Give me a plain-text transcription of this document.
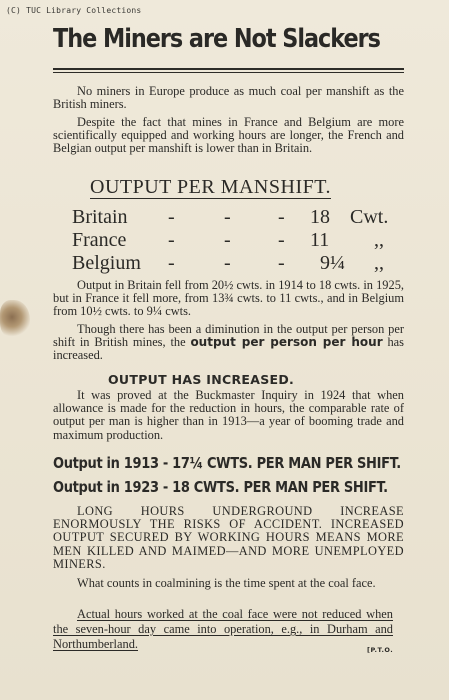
(C) TUC Library Collections
The Miners are Not Slackers
No miners in Europe produce as much coal per manshift as the British miners.
Despite the fact that mines in France and Belgium are more scientifically equipped and working hours are longer, the French and Belgian output per manshift is lower than in Britain.
OUTPUT PER MANSHIFT.
Britain - - - 18 Cwt.
France - - - 11 ,,
Belgium - - - 9¼ ,,
Output in Britain fell from 20½ cwts. in 1914 to 18 cwts. in 1925, but in France it fell more, from 13¾ cwts. to 11 cwts., and in Belgium from 10½ cwts. to 9¼ cwts.
Though there has been a diminution in the output per person per shift in British mines, the output per person per hour has increased.
OUTPUT HAS INCREASED.
It was proved at the Buckmaster Inquiry in 1924 that when allowance is made for the reduction in hours, the comparable rate of output per man is higher than in 1913—a year of booming trade and maximum production.
Output in 1913 - 17¼ CWTS. PER MAN PER SHIFT.
Output in 1923 - 18 CWTS. PER MAN PER SHIFT.
LONG HOURS UNDERGROUND INCREASE ENORMOUSLY THE RISKS OF ACCIDENT. INCREASED OUTPUT SECURED BY WORKING HOURS MEANS MORE MEN KILLED AND MAIMED—AND MORE UNEMPLOYED MINERS.
What counts in coalmining is the time spent at the coal face.
Actual hours worked at the coal face were not reduced when the seven-hour day came into operation, e.g., in Durham and Northumberland.	[P.T.O.
